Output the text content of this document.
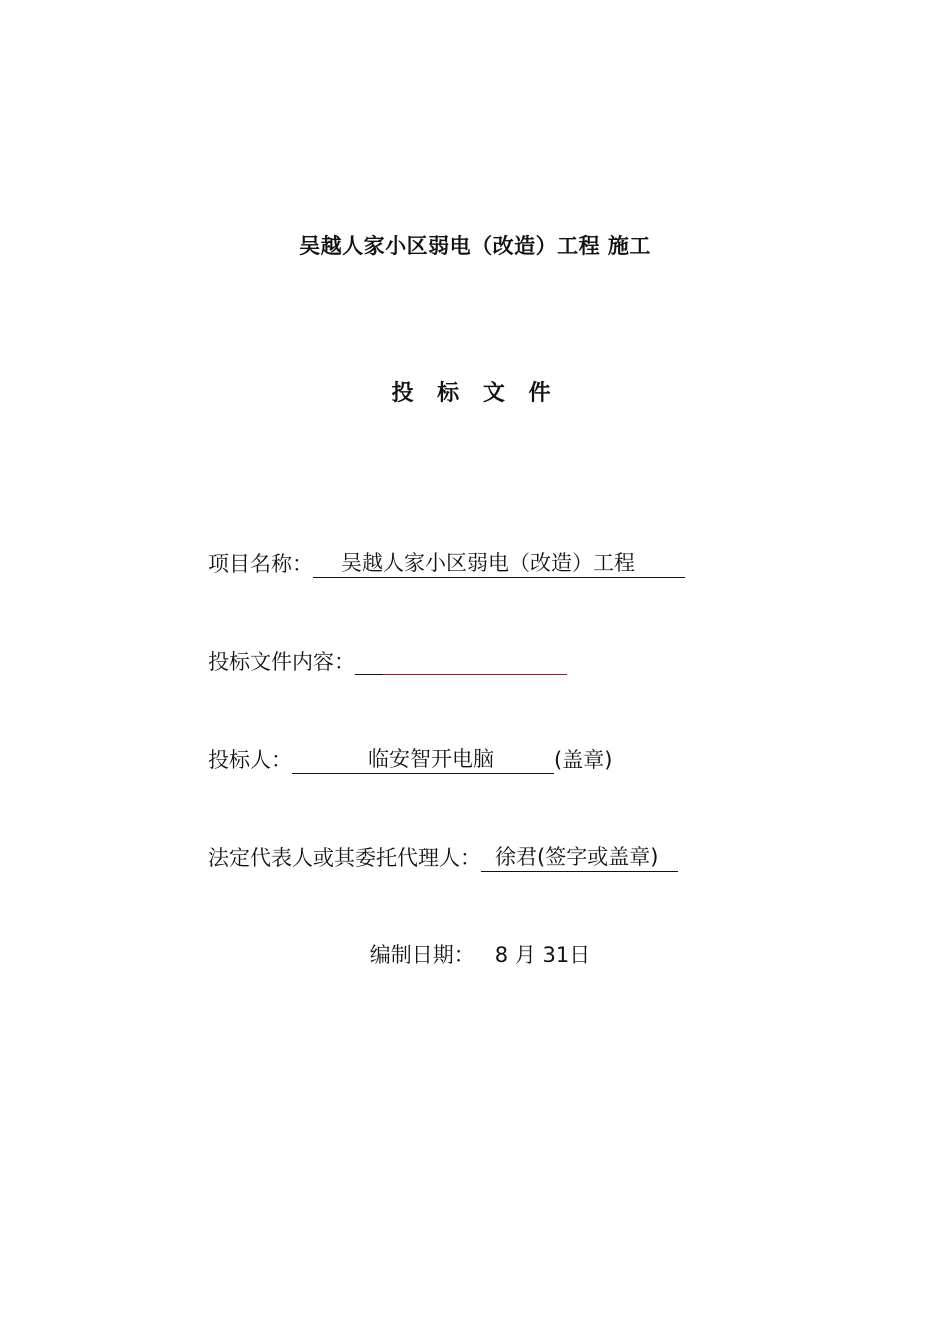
吴越人家小区弱电（改造）工程 施工
投 标 文 件
项目名称： 吴越人家小区弱电（改造）工程
投标文件内容：
投标人：	临安智开电脑	(盖章)
法定代表人或其委托代理人： 徐君(签字或盖章)
编制日期： 8 月 31日
